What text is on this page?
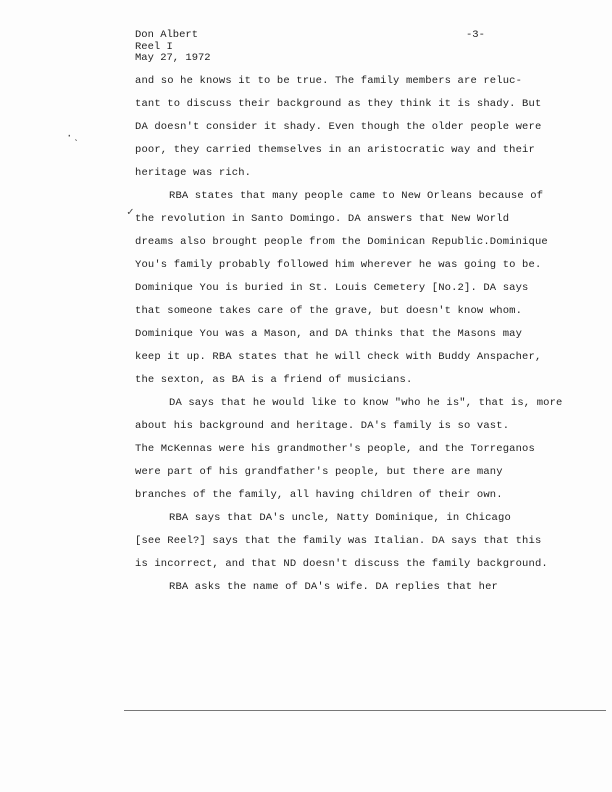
Don Albert
Reel I
May 27, 1972
-3-
·ˎ
✓
and so he knows it to be true. The family members are reluc-
tant to discuss their background as they think it is shady. But
DA doesn't consider it shady. Even though the older people were
poor, they carried themselves in an aristocratic way and their
heritage was rich.
RBA states that many people came to New Orleans because of
the revolution in Santo Domingo. DA answers that New World
dreams also brought people from the Dominican Republic.Dominique
You's family probably followed him wherever he was going to be.
Dominique You is buried in St. Louis Cemetery [No.2]. DA says
that someone takes care of the grave, but doesn't know whom.
Dominique You was a Mason, and DA thinks that the Masons may
keep it up. RBA states that he will check with Buddy Anspacher,
the sexton, as BA is a friend of musicians.
DA says that he would like to know "who he is", that is, more
about his background and heritage. DA's family is so vast.
The McKennas were his grandmother's people, and the Torreganos
were part of his grandfather's people, but there are many
branches of the family, all having children of their own.
RBA says that DA's uncle, Natty Dominique, in Chicago
[see Reel?] says that the family was Italian. DA says that this
is incorrect, and that ND doesn't discuss the family background.
RBA asks the name of DA's wife. DA replies that her
